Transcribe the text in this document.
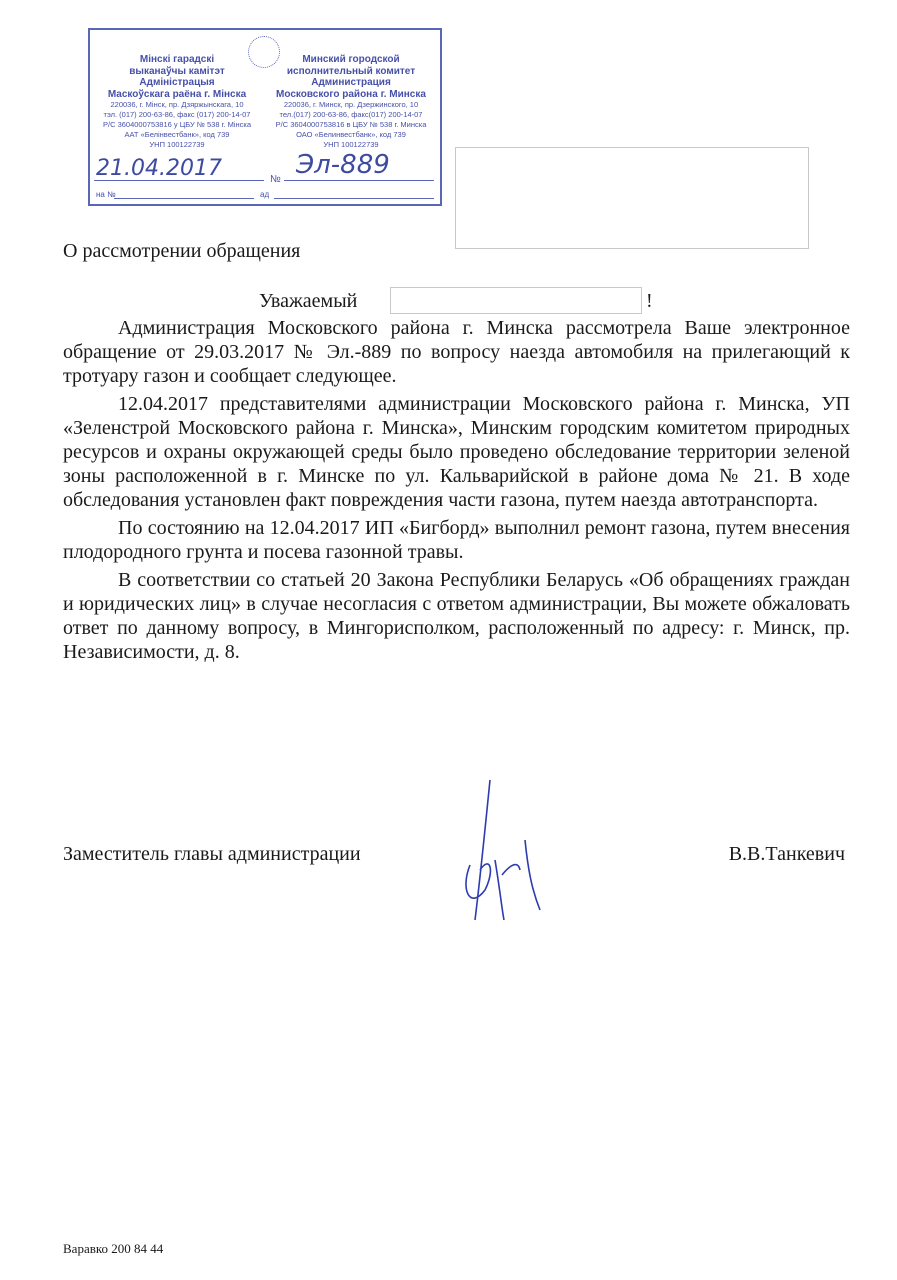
Мінскі гарадскі
выканаўчы камітэт
Адміністрацыя
Маскоўскага раёна г. Мінска
220036, г. Мінск, пр. Дзяржынскага, 10
тэл. (017) 200-63-86, факс (017) 200-14-07
Р/С 3604000753816 у ЦБУ № 538 г. Мінска
ААТ «Белінвестбанк», код 739
УНП 100122739
Минский городской
исполнительный комитет
Администрация
Московского района г. Минска
220036, г. Минск, пр. Дзержинского, 10
тел.(017) 200-63-86, факс(017) 200-14-07
Р/С 3604000753816 в ЦБУ № 538 г. Минска
ОАО «Белинвестбанк», код 739
УНП 100122739
21.04.2017	№ Эл-889
на №	ад
О рассмотрении обращения
Уважаемый	!

Администрация Московского района г. Минска рассмотрела Ваше электронное обращение от 29.03.2017 № Эл.-889 по вопросу наезда автомобиля на прилегающий к тротуару газон и сообщает следующее.

12.04.2017 представителями администрации Московского района г. Минска, УП «Зеленстрой Московского района г. Минска», Минским городским комитетом природных ресурсов и охраны окружающей среды было проведено обследование территории зеленой зоны расположенной в г. Минске по ул. Кальварийской в районе дома № 21. В ходе обследования установлен факт повреждения части газона, путем наезда автотранспорта.

По состоянию на 12.04.2017 ИП «Бигборд» выполнил ремонт газона, путем внесения плодородного грунта и посева газонной травы.

В соответствии со статьей 20 Закона Республики Беларусь «Об обращениях граждан и юридических лиц» в случае несогласия с ответом администрации, Вы можете обжаловать ответ по данному вопросу, в Мингорисполком, расположенный по адресу: г. Минск, пр. Независимости, д. 8.

Заместитель главы администрации	В.В.Танкевич
Варавко 200 84 44
